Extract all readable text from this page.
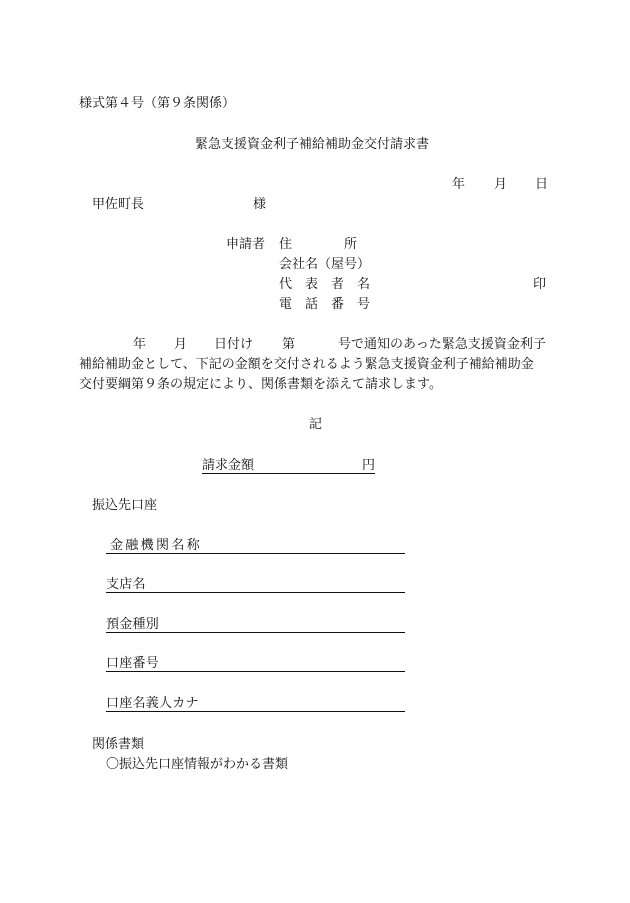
様式第４号（第９条関係）
緊急支援資金利子補給補助金交付請求書
年 月 日
甲佐町長	様
申請者 住　　　　所
会社名（屋号）
代　表　者　名	印
電　話　番　号
年 月 日付け 第	号で通知のあった緊急支援資金利子
補給補助金として、下記の金額を交付されるよう緊急支援資金利子補給補助金
交付要綱第９条の規定により、関係書類を添えて請求します。
記
請求金額	円
振込先口座
金融機関名称
支店名
預金種別
口座番号
口座名義人カナ
関係書類
〇振込先口座情報がわかる書類
